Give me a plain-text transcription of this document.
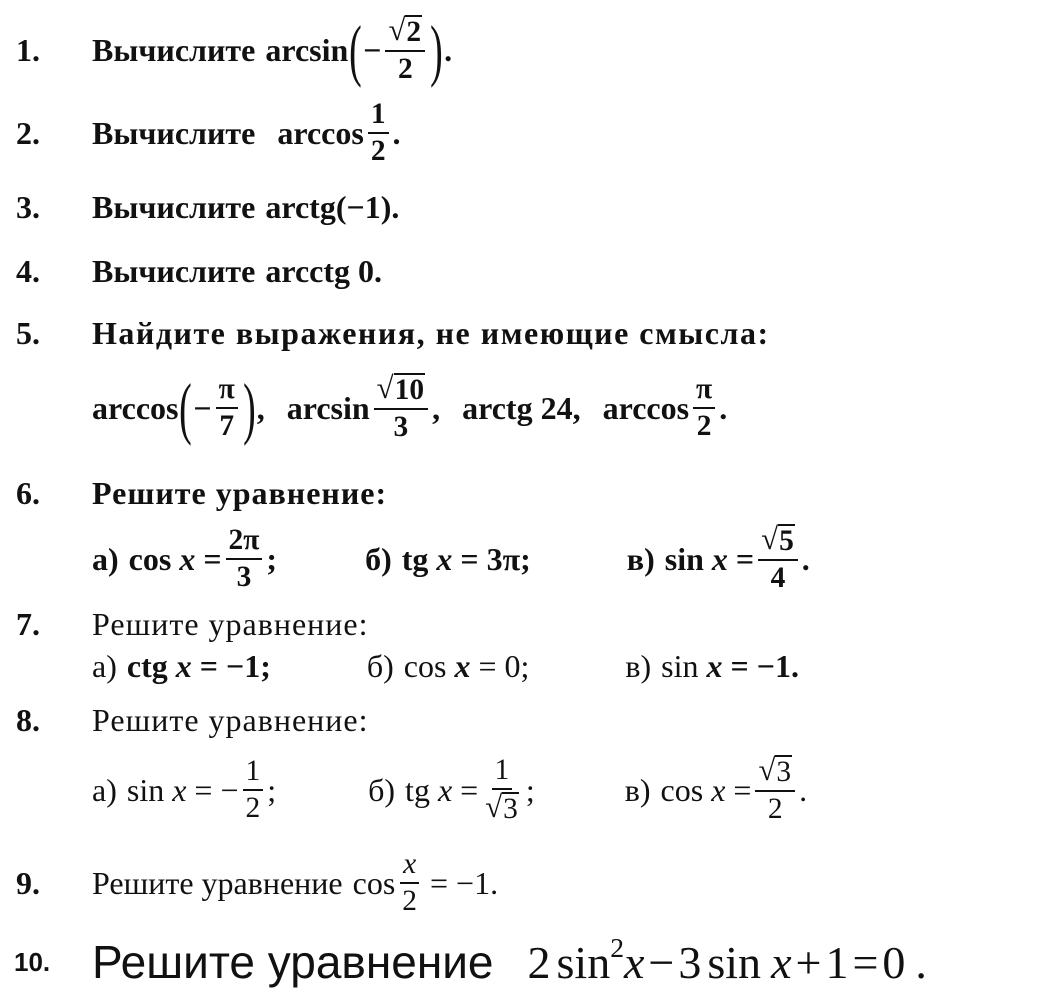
1. Вычислите arcsin ( − $\frac{√ 2}{2}$ ) .
2. Вычислите $\arccos \frac{1}{2}$ .
3. Вычислите arctg(−1).
4. Вычислите arcctg 0.
5. Найдите выражения, не имеющие смысла:
arccos ( − $\frac{\pi}{7}$ ) , $\arcsin \frac{√ 10}{3}$ , arctg 24, $\arccos \frac{\pi}{2}$ .
6. Решите уравнение:
а) $\cos x = \frac{2\pi}{3}$ ;	б) tg x = 3π;	в) $\sin x = \frac{√ 5}{4}$ .
7. Решите уравнение:
а) ctg x = −1;	б) cos x = 0;	в) sin x = −1.
8. Решите уравнение:
а) sin x = − $\frac{1}{2}$ ;	б) tg $x = \frac{1}{√ 3}$ ;	в) $\cos x = \frac{√ 3}{2}$ .
9. Решите уравнение $\cos \frac{x}{2} = -1$.
10. Решите уравнение 2 $\sin^2 x - 3$ sin x + 1 = 0 .
